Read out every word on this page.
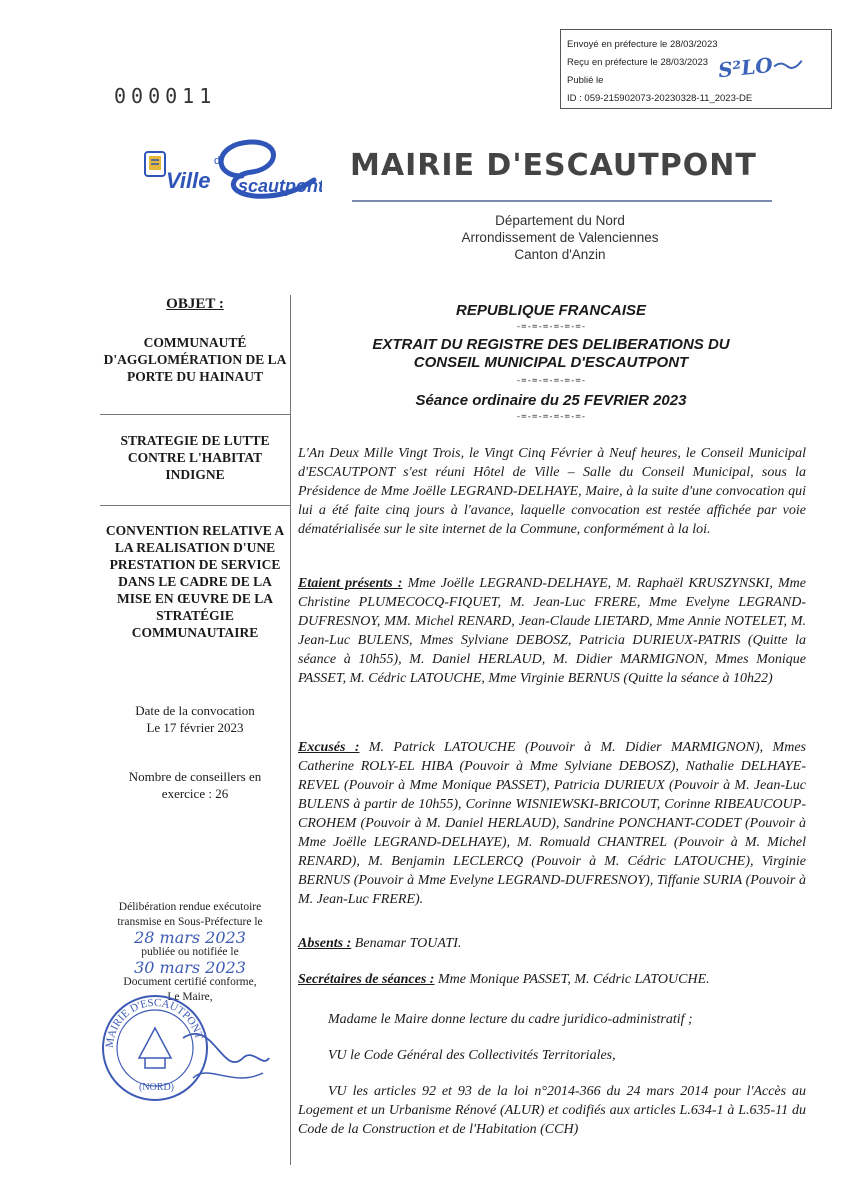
Envoyé en préfecture le 28/03/2023
Reçu en préfecture le 28/03/2023
Publié le
ID : 059-215902073-20230328-11_2023-DE
S²LO
000011
Ville
d'
scautpont
MAIRIE D'ESCAUTPONT
Département du Nord
Arrondissement de Valenciennes
Canton d'Anzin
OBJET :
COMMUNAUTÉ D'AGGLOMÉRATION DE LA PORTE DU HAINAUT
STRATEGIE DE LUTTE CONTRE L'HABITAT INDIGNE
CONVENTION RELATIVE A LA REALISATION D'UNE PRESTATION DE SERVICE DANS LE CADRE DE LA MISE EN ŒUVRE DE LA STRATÉGIE COMMUNAUTAIRE
Date de la convocation
Le 17 février 2023
Nombre de conseillers en
exercice : 26
Délibération rendue exécutoire
transmise en Sous-Préfecture le
28 mars 2023
publiée ou notifiée le
30 mars 2023
Document certifié conforme,
Le Maire,
MAIRIE D'ESCAUTPONT
(NORD)
REPUBLIQUE FRANCAISE
-=-=-=-=-=-=-
EXTRAIT DU REGISTRE DES DELIBERATIONS DU
CONSEIL MUNICIPAL D'ESCAUTPONT
-=-=-=-=-=-=-
Séance ordinaire du 25 FEVRIER 2023
-=-=-=-=-=-=-
L'An Deux Mille Vingt Trois, le Vingt Cinq Février à Neuf heures, le Conseil Municipal d'ESCAUTPONT s'est réuni Hôtel de Ville – Salle du Conseil Municipal, sous la Présidence de Mme Joëlle LEGRAND-DELHAYE, Maire, à la suite d'une convocation qui lui a été faite cinq jours à l'avance, laquelle convocation est restée affichée par voie dématérialisée sur le site internet de la Commune, conformément à la loi.
Etaient présents : Mme Joëlle LEGRAND-DELHAYE, M. Raphaël KRUSZYNSKI, Mme Christine PLUMECOCQ-FIQUET, M. Jean-Luc FRERE, Mme Evelyne LEGRAND-DUFRESNOY, MM. Michel RENARD, Jean-Claude LIETARD, Mme Annie NOTELET, M. Jean-Luc BULENS, Mmes Sylviane DEBOSZ, Patricia DURIEUX-PATRIS (Quitte la séance à 10h55), M. Daniel HERLAUD, M. Didier MARMIGNON, Mmes Monique PASSET, M. Cédric LATOUCHE, Mme Virginie BERNUS (Quitte la séance à 10h22)
Excusés : M. Patrick LATOUCHE (Pouvoir à M. Didier MARMIGNON), Mmes Catherine ROLY-EL HIBA (Pouvoir à Mme Sylviane DEBOSZ), Nathalie DELHAYE-REVEL (Pouvoir à Mme Monique PASSET), Patricia DURIEUX (Pouvoir à M. Jean-Luc BULENS à partir de 10h55), Corinne WISNIEWSKI-BRICOUT, Corinne RIBEAUCOUP-CROHEM (Pouvoir à M. Daniel HERLAUD), Sandrine PONCHANT-CODET (Pouvoir à Mme Joëlle LEGRAND-DELHAYE), M. Romuald CHANTREL (Pouvoir à M. Michel RENARD), M. Benjamin LECLERCQ (Pouvoir à M. Cédric LATOUCHE), Virginie BERNUS (Pouvoir à Mme Evelyne LEGRAND-DUFRESNOY), Tiffanie SURIA (Pouvoir à M. Jean-Luc FRERE).
Absents : Benamar TOUATI.
Secrétaires de séances : Mme Monique PASSET, M. Cédric LATOUCHE.
Madame le Maire donne lecture du cadre juridico-administratif ;
VU le Code Général des Collectivités Territoriales,
VU les articles 92 et 93 de la loi n°2014-366 du 24 mars 2014 pour l'Accès au Logement et un Urbanisme Rénové (ALUR) et codifiés aux articles L.634-1 à L.635-11 du Code de la Construction et de l'Habitation (CCH)
